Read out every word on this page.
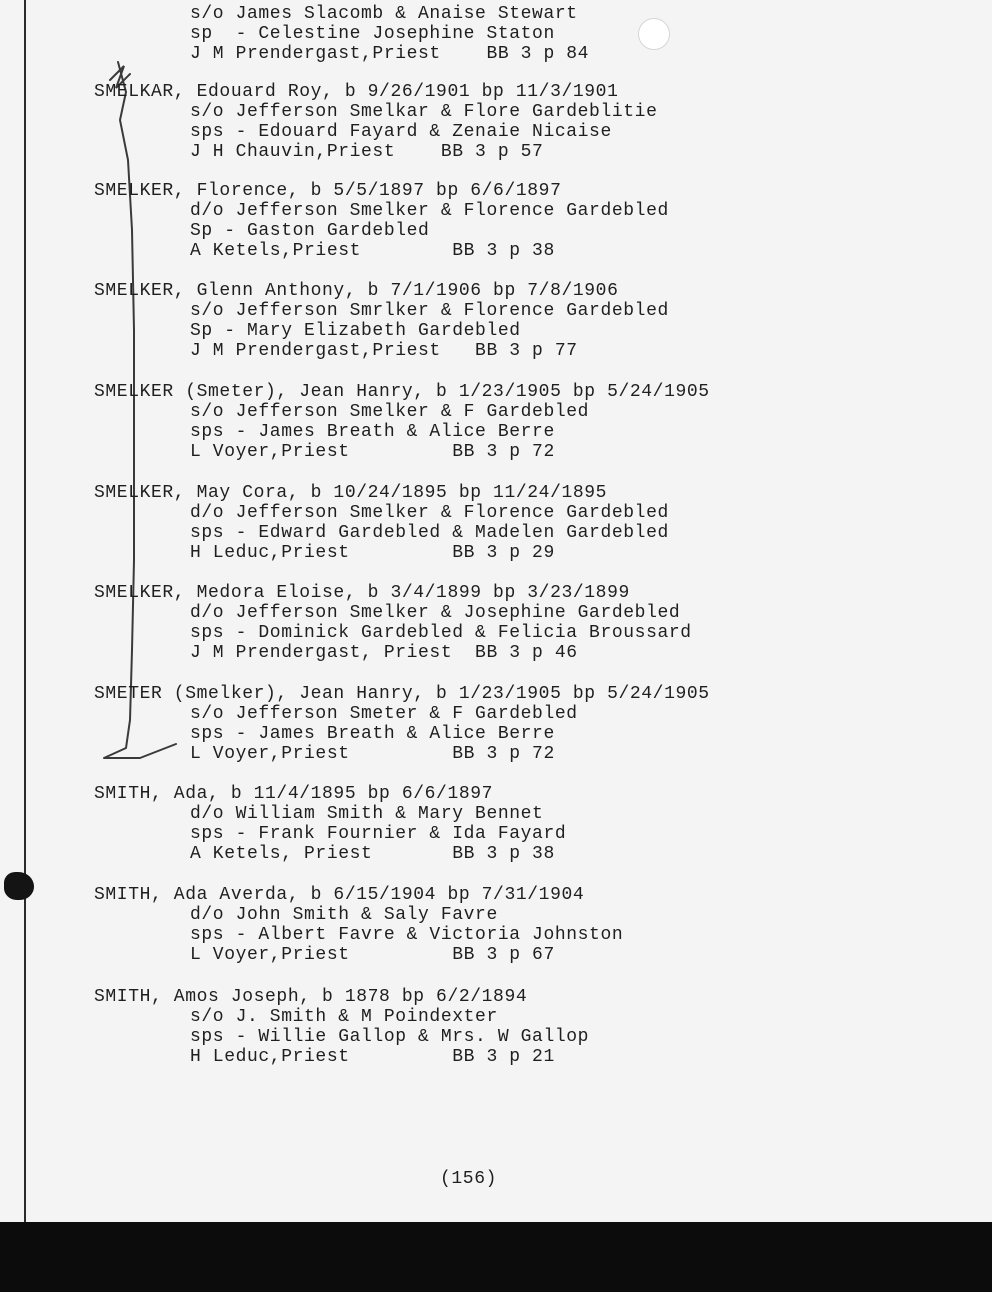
s/o James Slacomb & Anaise Stewart
sp  - Celestine Josephine Staton
J M Prendergast,Priest    BB 3 p 84
SMELKAR, Edouard Roy, b 9/26/1901 bp 11/3/1901
s/o Jefferson Smelkar & Flore Gardeblitie
sps - Edouard Fayard & Zenaie Nicaise
J H Chauvin,Priest    BB 3 p 57
SMELKER, Florence, b 5/5/1897 bp 6/6/1897
d/o Jefferson Smelker & Florence Gardebled
Sp - Gaston Gardebled
A Ketels,Priest        BB 3 p 38
SMELKER, Glenn Anthony, b 7/1/1906 bp 7/8/1906
s/o Jefferson Smrlker & Florence Gardebled
Sp - Mary Elizabeth Gardebled
J M Prendergast,Priest   BB 3 p 77
SMELKER (Smeter), Jean Hanry, b 1/23/1905 bp 5/24/1905
s/o Jefferson Smelker & F Gardebled
sps - James Breath & Alice Berre
L Voyer,Priest         BB 3 p 72
SMELKER, May Cora, b 10/24/1895 bp 11/24/1895
d/o Jefferson Smelker & Florence Gardebled
sps - Edward Gardebled & Madelen Gardebled
H Leduc,Priest         BB 3 p 29
SMELKER, Medora Eloise, b 3/4/1899 bp 3/23/1899
d/o Jefferson Smelker & Josephine Gardebled
sps - Dominick Gardebled & Felicia Broussard
J M Prendergast, Priest  BB 3 p 46
SMETER (Smelker), Jean Hanry, b 1/23/1905 bp 5/24/1905
s/o Jefferson Smeter & F Gardebled
sps - James Breath & Alice Berre
L Voyer,Priest         BB 3 p 72
SMITH, Ada, b 11/4/1895 bp 6/6/1897
d/o William Smith & Mary Bennet
sps - Frank Fournier & Ida Fayard
A Ketels, Priest       BB 3 p 38
SMITH, Ada Averda, b 6/15/1904 bp 7/31/1904
d/o John Smith & Saly Favre
sps - Albert Favre & Victoria Johnston
L Voyer,Priest         BB 3 p 67
SMITH, Amos Joseph, b 1878 bp 6/2/1894
s/o J. Smith & M Poindexter
sps - Willie Gallop & Mrs. W Gallop
H Leduc,Priest         BB 3 p 21
(156)
